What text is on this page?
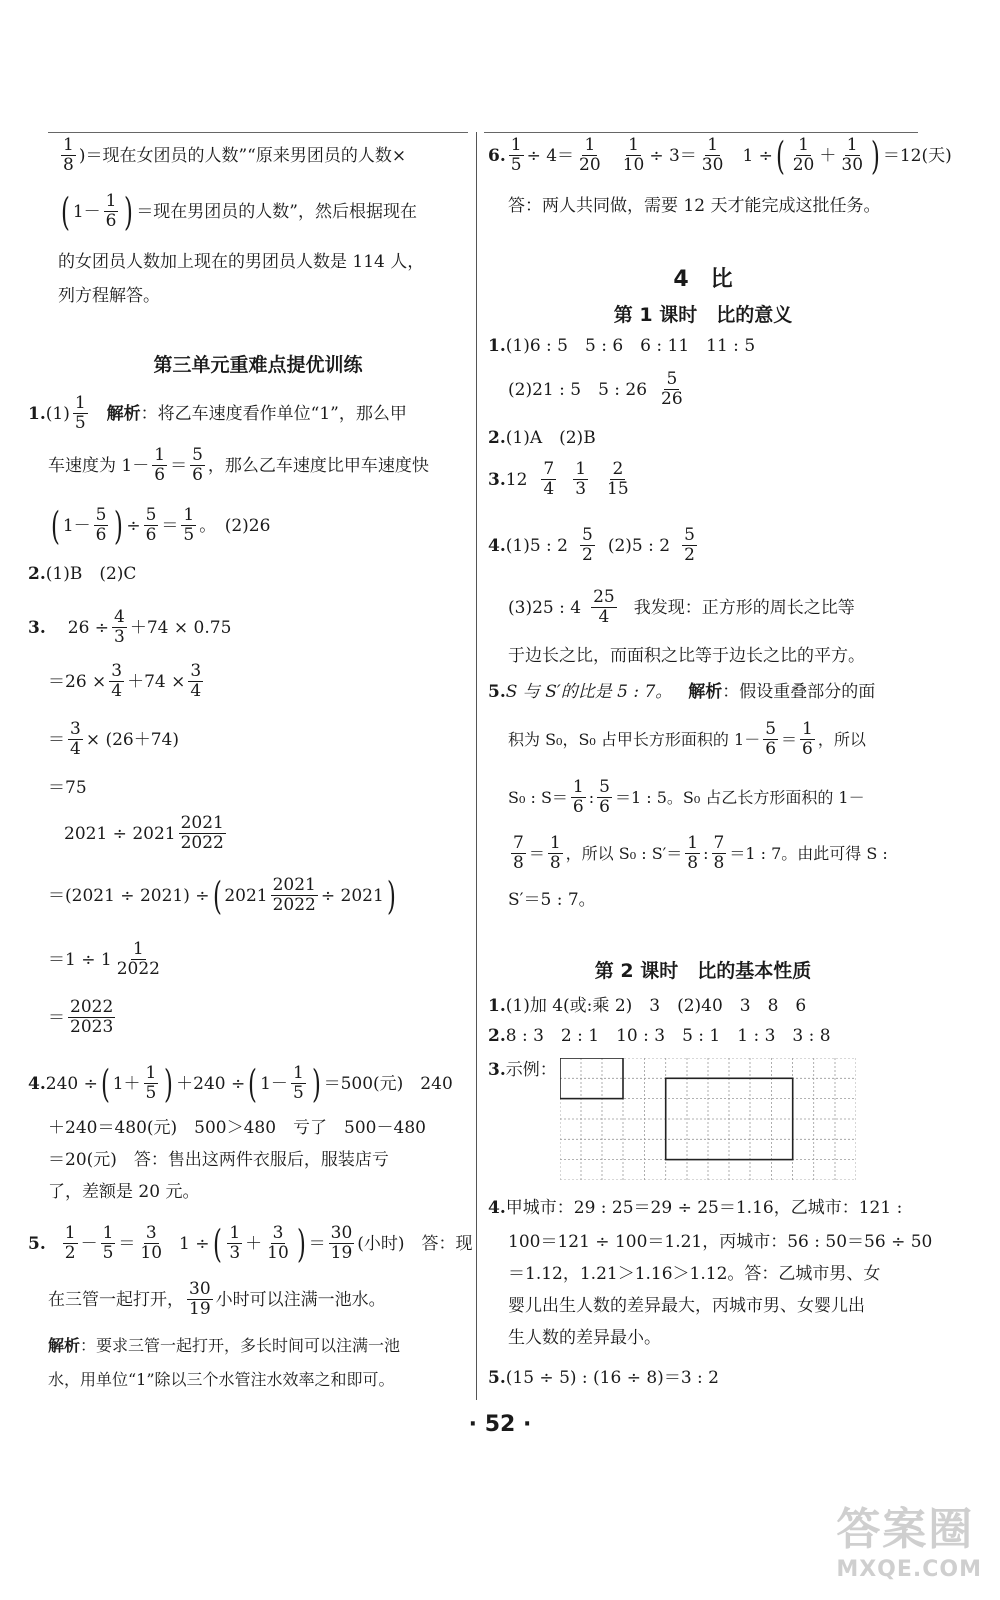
$\frac{1}{8}$ )＝现在女团员的人数”“原来男团员的人数×
( $1- \frac{1}{6}$ ) ＝现在男团员的人数”，然后根据现在
的女团员人数加上现在的男团员人数是 114 人，
列方程解答。
第三单元重难点提优训练
1. $(1) \frac{1}{5}$ 解析 ：将乙车速度看作单位“1”，那么甲
车速度为 $1- \frac{1}{6} = \frac{5}{6}$ ，那么乙车速度比甲车速度快
( $1- \frac{5}{6}$ ) ÷ $\frac{5}{6} = \frac{1}{5}$ 。　(2)26
2. (1)B　(2)C
3. $26 \div \frac{4}{3} +74 \times 0.75$
$=26 \times \frac{3}{4} +74 \times \frac{3}{4}$
＝ $\frac{3}{4} \times (26+74)$
＝75
$2021 \div 2021 \frac{2021}{2022}$
＝(2021 ÷ 2021) ÷ ( $2021 \frac{2021}{2022} \div 2021$ )
$=1 \div 1 \frac{1}{2022}$
＝ $\frac{2022}{2023}$
4. 240 ÷ ( $1+ \frac{1}{5}$ ) ＋240 ÷ ( $1- \frac{1}{5}$ ) ＝500(元)　240
＋240＝480(元)　500＞480　亏了　500－480
＝20(元)　答：售出这两件衣服后，服装店亏
了，差额是 20 元。
5. $\frac{1}{2} - \frac{1}{5} = \frac{3}{10} 1$ ÷ ( $\frac{1}{3} + \frac{3}{10}$ ) ＝ $\frac{30}{19}$ (小时)　答：现
在三管一起打开， $\frac{30}{19}$ 小时可以注满一池水。
解析 ：要求三管一起打开，多长时间可以注满一池
水，用单位“1”除以三个水管注水效率之和即可。
6. $\frac{1}{5} \div 4= \frac{1}{20} \frac{1}{10} \div 3= \frac{1}{30} 1$ ÷ ( $\frac{1}{20} + \frac{1}{30}$ ) ＝12(天)
答：两人共同做，需要 12 天才能完成这批任务。
4　比
第 1 课时　比的意义
1. (1)6 : 5　5 : 6　6 : 11　11 : 5
(2)21 : 5　5 : $26 \frac{5}{26}$
2. (1)A　(2)B
3. $12 \frac{7}{4} \frac{1}{3} \frac{2}{15}$
4. (1)5 : $2 \frac{5}{2} (2)5$ : $2 \frac{5}{2}$
(3)25 : $4 \frac{25}{4}$ 我发现：正方形的周长之比等
于边长之比，而面积之比等于边长之比的平方。
5. S 与 S′的比是 5 : 7。 解析 ：假设重叠部分的面
积为 S₀，S₀ 占甲长方形面积的 $1- \frac{5}{6} = \frac{1}{6}$ ，所以
S₀ : $S= \frac{1}{6}$ : $\frac{5}{6} =1$ : 5。S₀ 占乙长方形面积的 1－
$\frac{7}{8} = \frac{1}{8}$ ，所以 S₀ : $S'= \frac{1}{8}$ : $\frac{7}{8} =1$ : 7。由此可得 S :
S′＝5 : 7。
第 2 课时　比的基本性质
1. (1)加 4(或:乘 2)　3　(2)40　3　8　6
2. 8 : 3　2 : 1　10 : 3　5 : 1　1 : 3　3 : 8
3. 示例：
4. 甲城市：29 : 25＝29 ÷ 25＝1.16，乙城市：121 :
100＝121 ÷ 100＝1.21，丙城市：56 : 50＝56 ÷ 50
＝1.12，1.21＞1.16＞1.12。答：乙城市男、女
婴儿出生人数的差异最大，丙城市男、女婴儿出
生人数的差异最小。
5. (15 ÷ 5) : (16 ÷ 8)＝3 : 2
· 52 ·
答案圈
MXQE.COM
